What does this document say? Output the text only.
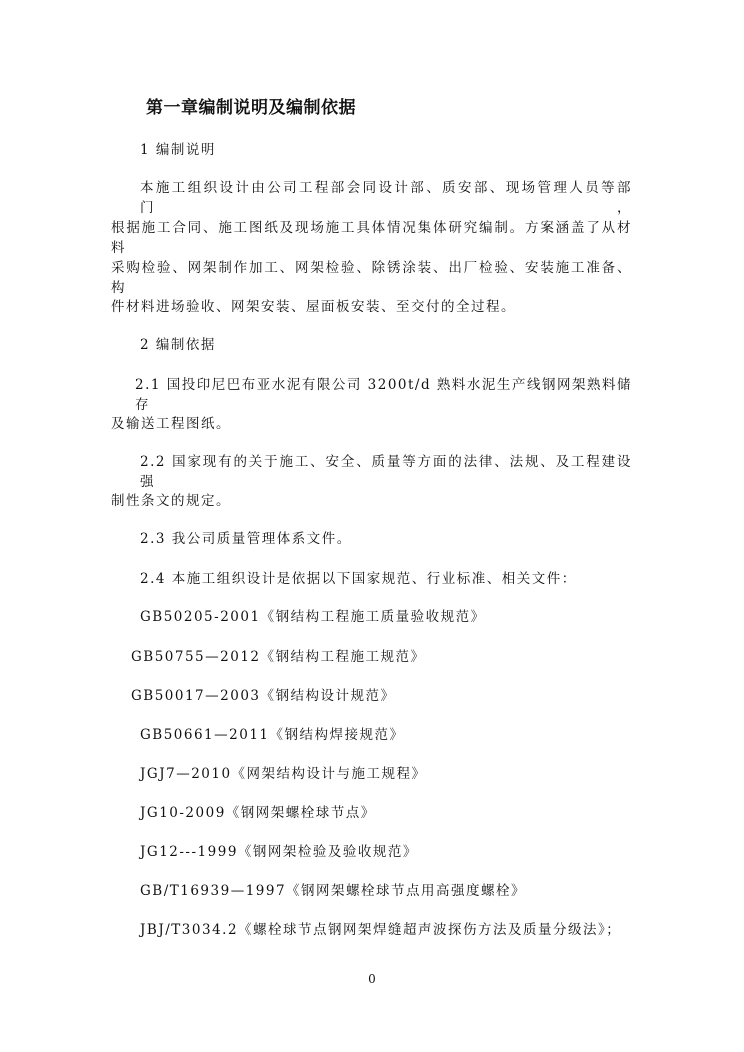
第一章编制说明及编制依据
1 编制说明
本施工组织设计由公司工程部会同设计部、质安部、现场管理人员等部门，
根据施工合同、施工图纸及现场施工具体情况集体研究编制。方案涵盖了从材料
采购检验、网架制作加工、网架检验、除锈涂装、出厂检验、安装施工准备、构
件材料进场验收、网架安装、屋面板安装、至交付的全过程。
2 编制依据
2.1 国投印尼巴布亚水泥有限公司 3200t/d 熟料水泥生产线钢网架熟料储存
及输送工程图纸。
2.2 国家现有的关于施工、安全、质量等方面的法律、法规、及工程建设强
制性条文的规定。
2.3 我公司质量管理体系文件。
2.4 本施工组织设计是依据以下国家规范、行业标准、相关文件：
GB50205-2001《钢结构工程施工质量验收规范》
GB50755—2012《钢结构工程施工规范》
GB50017—2003《钢结构设计规范》
GB50661—2011《钢结构焊接规范》
JGJ7—2010《网架结构设计与施工规程》
JG10-2009《钢网架螺栓球节点》
JG12---1999《钢网架检验及验收规范》
GB/T16939—1997《钢网架螺栓球节点用高强度螺栓》
JBJ/T3034.2《螺栓球节点钢网架焊缝超声波探伤方法及质量分级法》；
0
